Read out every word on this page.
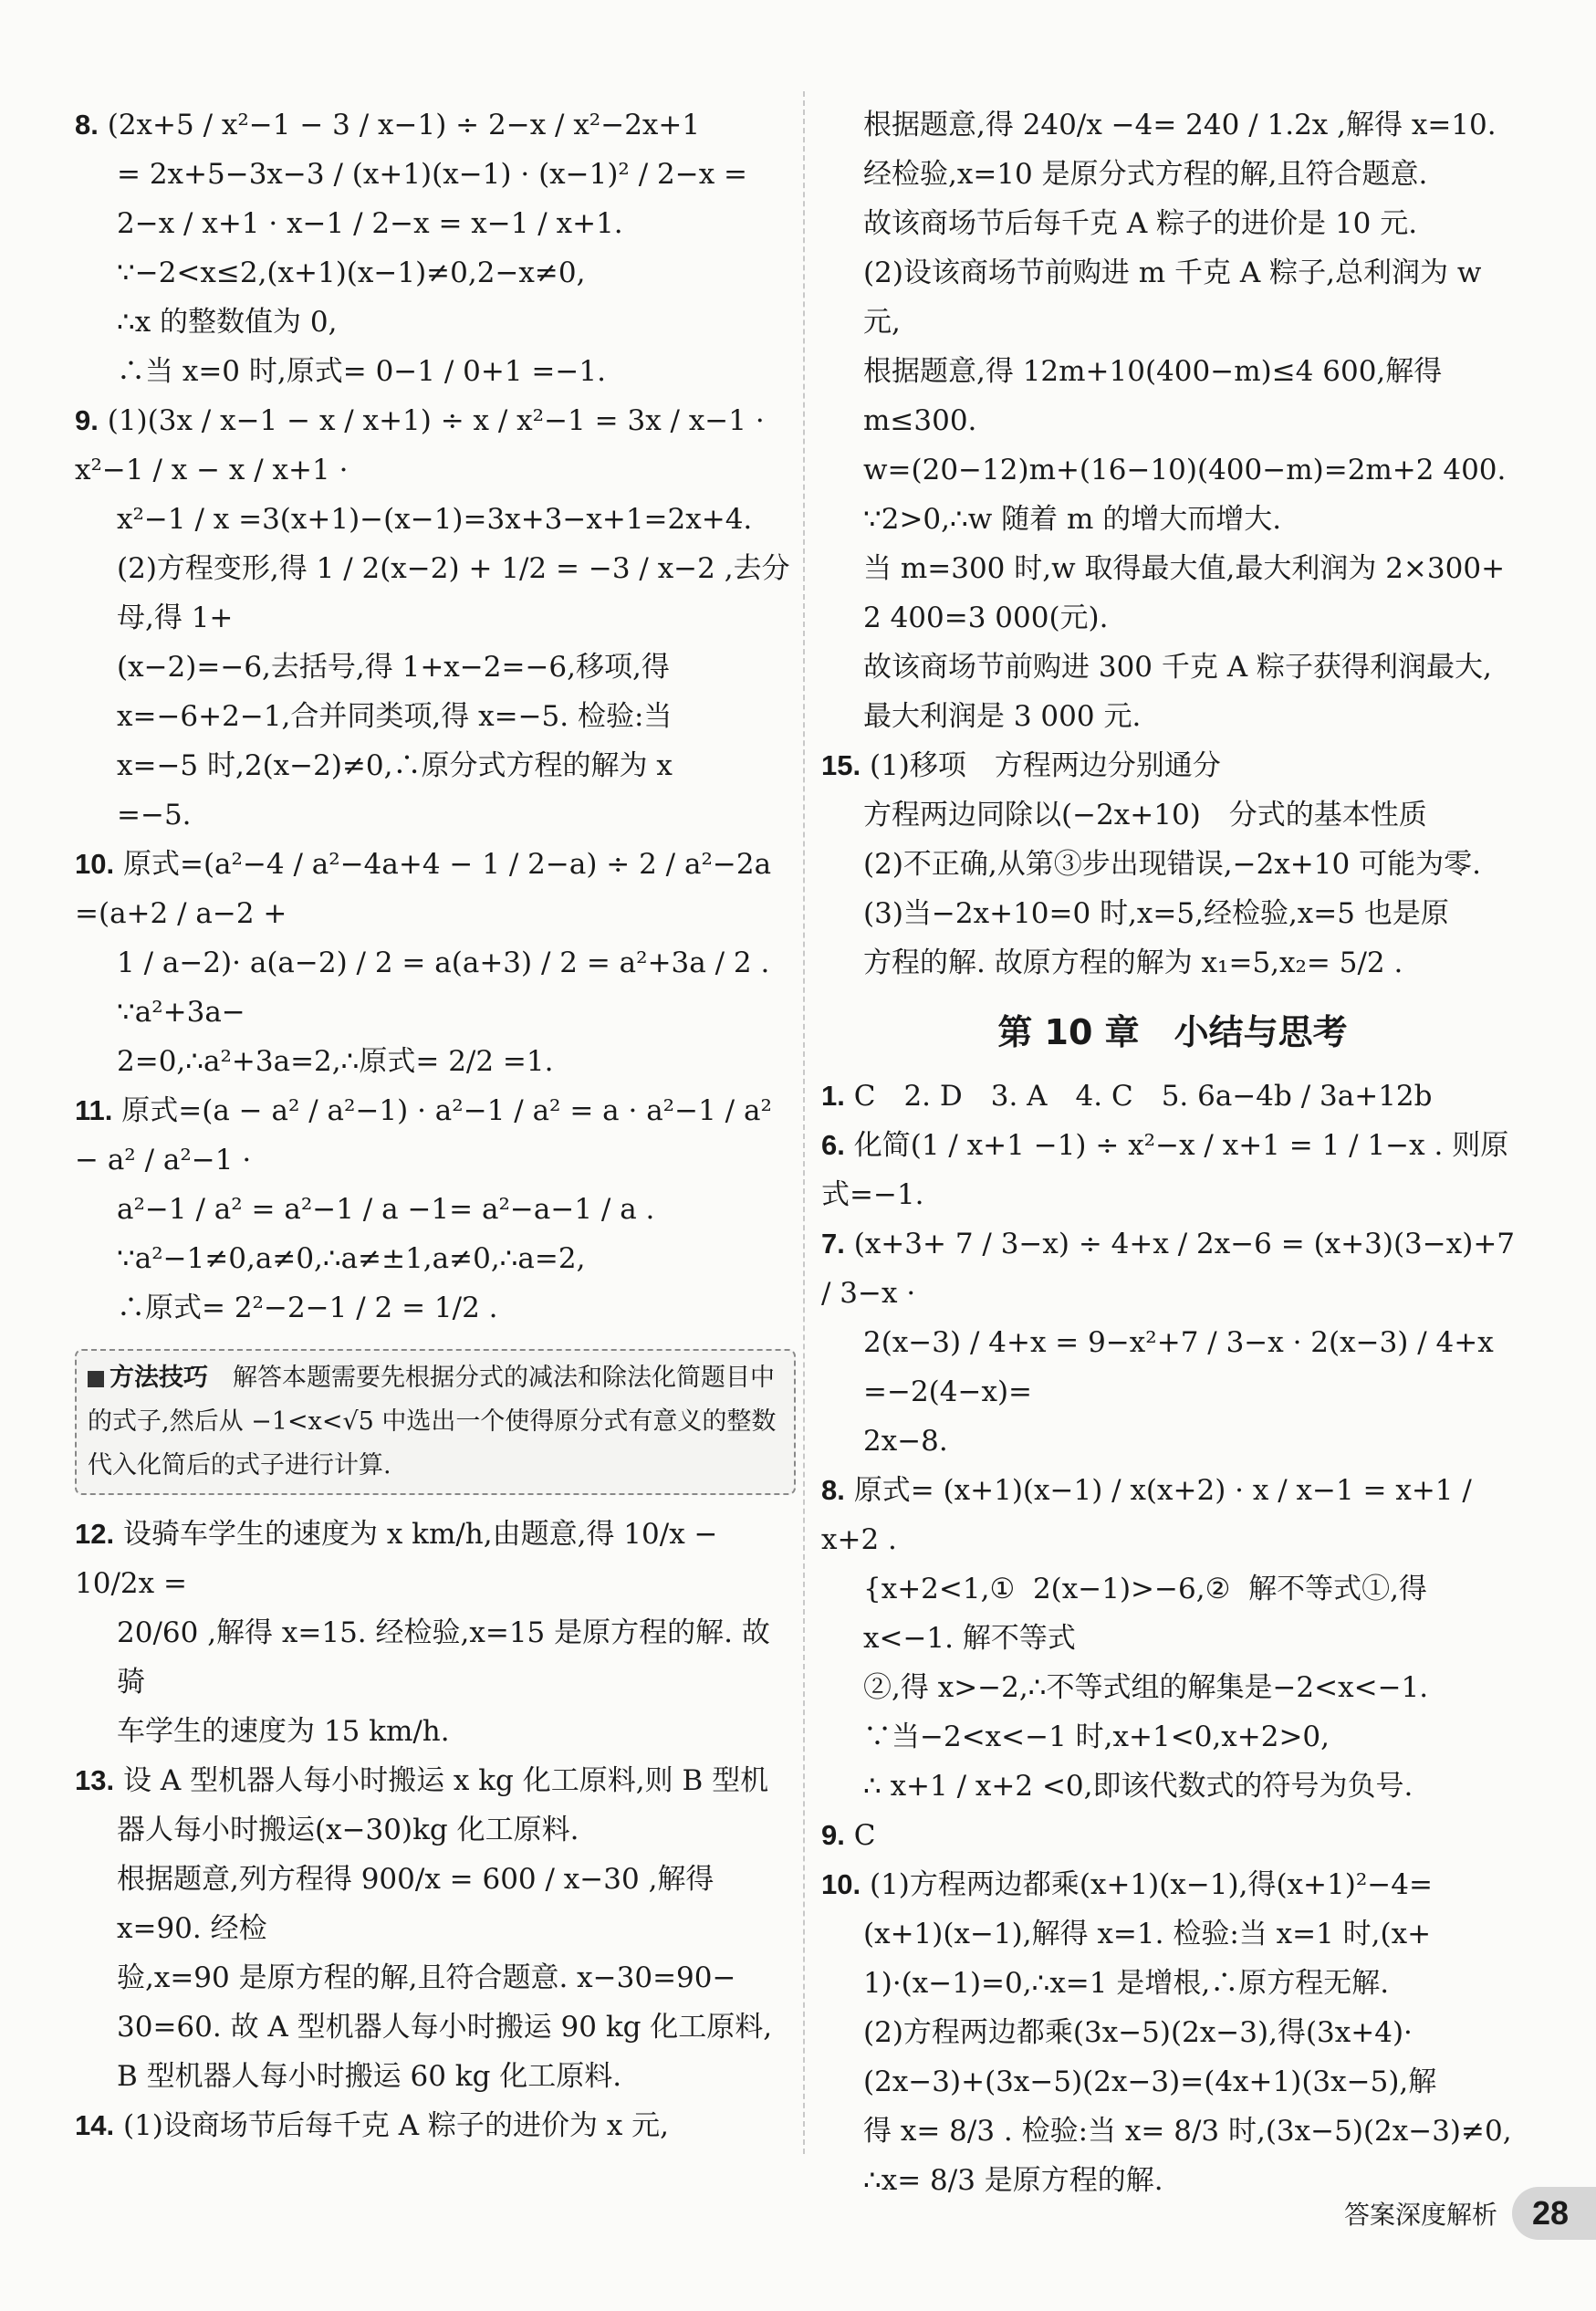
8. (2x+5 / x²−1 − 3 / x−1) ÷ 2−x / x²−2x+1
= 2x+5−3x−3 / (x+1)(x−1) · (x−1)² / 2−x = 2−x / x+1 · x−1 / 2−x = x−1 / x+1.
∵−2<x≤2,(x+1)(x−1)≠0,2−x≠0,
∴x 的整数值为 0,
∴当 x=0 时,原式= 0−1 / 0+1 =−1.
9. (1)(3x / x−1 − x / x+1) ÷ x / x²−1 = 3x / x−1 · x²−1 / x − x / x+1 ·
x²−1 / x =3(x+1)−(x−1)=3x+3−x+1=2x+4.
(2)方程变形,得 1 / 2(x−2) + 1/2 = −3 / x−2 ,去分母,得 1+
(x−2)=−6,去括号,得 1+x−2=−6,移项,得
x=−6+2−1,合并同类项,得 x=−5. 检验:当
x=−5 时,2(x−2)≠0,∴原分式方程的解为 x
=−5.
10. 原式=(a²−4 / a²−4a+4 − 1 / 2−a) ÷ 2 / a²−2a =(a+2 / a−2 +
1 / a−2)· a(a−2) / 2 = a(a+3) / 2 = a²+3a / 2 . ∵a²+3a−
2=0,∴a²+3a=2,∴原式= 2/2 =1.
11. 原式=(a − a² / a²−1) · a²−1 / a² = a · a²−1 / a² − a² / a²−1 ·
a²−1 / a² = a²−1 / a −1= a²−a−1 / a .
∵a²−1≠0,a≠0,∴a≠±1,a≠0,∴a=2,
∴原式= 2²−2−1 / 2 = 1/2 .
方法技巧　 解答本题需要先根据分式的减法和除法化简题目中的式子,然后从 −1<x<√5 中选出一个使得原分式有意义的整数代入化简后的式子进行计算.
12. 设骑车学生的速度为 x km/h,由题意,得 10/x − 10/2x =
20/60 ,解得 x=15. 经检验,x=15 是原方程的解. 故骑
车学生的速度为 15 km/h.
13. 设 A 型机器人每小时搬运 x kg 化工原料,则 B 型机
器人每小时搬运(x−30)kg 化工原料.
根据题意,列方程得 900/x = 600 / x−30 ,解得 x=90. 经检
验,x=90 是原方程的解,且符合题意. x−30=90−
30=60. 故 A 型机器人每小时搬运 90 kg 化工原料,
B 型机器人每小时搬运 60 kg 化工原料.
14. (1)设商场节后每千克 A 粽子的进价为 x 元,
根据题意,得 240/x −4= 240 / 1.2x ,解得 x=10.
经检验,x=10 是原分式方程的解,且符合题意.
故该商场节后每千克 A 粽子的进价是 10 元.
(2)设该商场节前购进 m 千克 A 粽子,总利润为 w 元,
根据题意,得 12m+10(400−m)≤4 600,解得 m≤300.
w=(20−12)m+(16−10)(400−m)=2m+2 400.
∵2>0,∴w 随着 m 的增大而增大.
当 m=300 时,w 取得最大值,最大利润为 2×300+
2 400=3 000(元).
故该商场节前购进 300 千克 A 粽子获得利润最大,
最大利润是 3 000 元.
15. (1)移项　方程两边分别通分
方程两边同除以(−2x+10)　分式的基本性质
(2)不正确,从第③步出现错误,−2x+10 可能为零.
(3)当−2x+10=0 时,x=5,经检验,x=5 也是原
方程的解. 故原方程的解为 x₁=5,x₂= 5/2 .
第 10 章　小结与思考
1. C　2. D　3. A　4. C　5. 6a−4b / 3a+12b
6. 化简(1 / x+1 −1) ÷ x²−x / x+1 = 1 / 1−x . 则原式=−1.
7. (x+3+ 7 / 3−x) ÷ 4+x / 2x−6 = (x+3)(3−x)+7 / 3−x ·
2(x−3) / 4+x = 9−x²+7 / 3−x · 2(x−3) / 4+x =−2(4−x)=
2x−8.
8. 原式= (x+1)(x−1) / x(x+2) · x / x−1 = x+1 / x+2 .
{x+2<1,①  2(x−1)>−6,②  解不等式①,得 x<−1. 解不等式
②,得 x>−2,∴不等式组的解集是−2<x<−1.
∵当−2<x<−1 时,x+1<0,x+2>0,
∴ x+1 / x+2 <0,即该代数式的符号为负号.
9. C
10. (1)方程两边都乘(x+1)(x−1),得(x+1)²−4=
(x+1)(x−1),解得 x=1. 检验:当 x=1 时,(x+
1)·(x−1)=0,∴x=1 是增根,∴原方程无解.
(2)方程两边都乘(3x−5)(2x−3),得(3x+4)·
(2x−3)+(3x−5)(2x−3)=(4x+1)(3x−5),解
得 x= 8/3 . 检验:当 x= 8/3 时,(3x−5)(2x−3)≠0,
∴x= 8/3 是原方程的解.
答案深度解析	28
